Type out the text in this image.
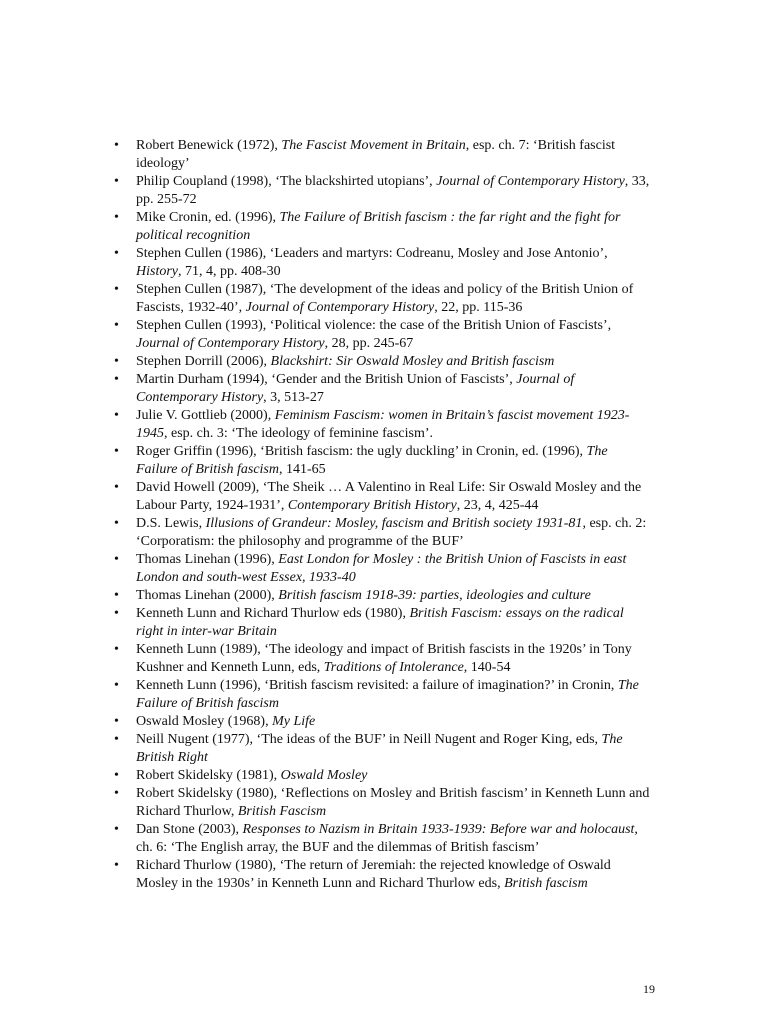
• Robert Benewick (1972), The Fascist Movement in Britain, esp. ch. 7: ‘British fascist ideology’
• Philip Coupland (1998), ‘The blackshirted utopians’, Journal of Contemporary History, 33, pp. 255-72
• Mike Cronin, ed. (1996), The Failure of British fascism : the far right and the fight for political recognition
• Stephen Cullen (1986), ‘Leaders and martyrs: Codreanu, Mosley and Jose Antonio’, History, 71, 4, pp. 408-30
• Stephen Cullen (1987), ‘The development of the ideas and policy of the British Union of Fascists, 1932-40’, Journal of Contemporary History, 22, pp. 115-36
• Stephen Cullen (1993), ‘Political violence: the case of the British Union of Fascists’, Journal of Contemporary History, 28, pp. 245-67
• Stephen Dorrill (2006), Blackshirt: Sir Oswald Mosley and British fascism
• Martin Durham (1994), ‘Gender and the British Union of Fascists’, Journal of Contemporary History, 3, 513-27
• Julie V. Gottlieb (2000), Feminism Fascism: women in Britain’s fascist movement 1923-1945, esp. ch. 3: ‘The ideology of feminine fascism’.
• Roger Griffin (1996), ‘British fascism: the ugly duckling’ in Cronin, ed. (1996), The Failure of British fascism, 141-65
• David Howell (2009), ‘The Sheik … A Valentino in Real Life: Sir Oswald Mosley and the Labour Party, 1924-1931’, Contemporary British History, 23, 4, 425-44
• D.S. Lewis, Illusions of Grandeur: Mosley, fascism and British society 1931-81, esp. ch. 2: ‘Corporatism: the philosophy and programme of the BUF’
• Thomas Linehan (1996), East London for Mosley : the British Union of Fascists in east London and south-west Essex, 1933-40
• Thomas Linehan (2000), British fascism 1918-39: parties, ideologies and culture
• Kenneth Lunn and Richard Thurlow eds (1980), British Fascism: essays on the radical right in inter-war Britain
• Kenneth Lunn (1989), ‘The ideology and impact of British fascists in the 1920s’ in Tony Kushner and Kenneth Lunn, eds, Traditions of Intolerance, 140-54
• Kenneth Lunn (1996), ‘British fascism revisited: a failure of imagination?’ in Cronin, The Failure of British fascism
• Oswald Mosley (1968), My Life
• Neill Nugent (1977), ‘The ideas of the BUF’ in Neill Nugent and Roger King, eds, The British Right
• Robert Skidelsky (1981), Oswald Mosley
• Robert Skidelsky (1980), ‘Reflections on Mosley and British fascism’ in Kenneth Lunn and Richard Thurlow, British Fascism
• Dan Stone (2003), Responses to Nazism in Britain 1933-1939: Before war and holocaust, ch. 6: ‘The English array, the BUF and the dilemmas of British fascism’
• Richard Thurlow (1980), ‘The return of Jeremiah: the rejected knowledge of Oswald Mosley in the 1930s’ in Kenneth Lunn and Richard Thurlow eds, British fascism
19
